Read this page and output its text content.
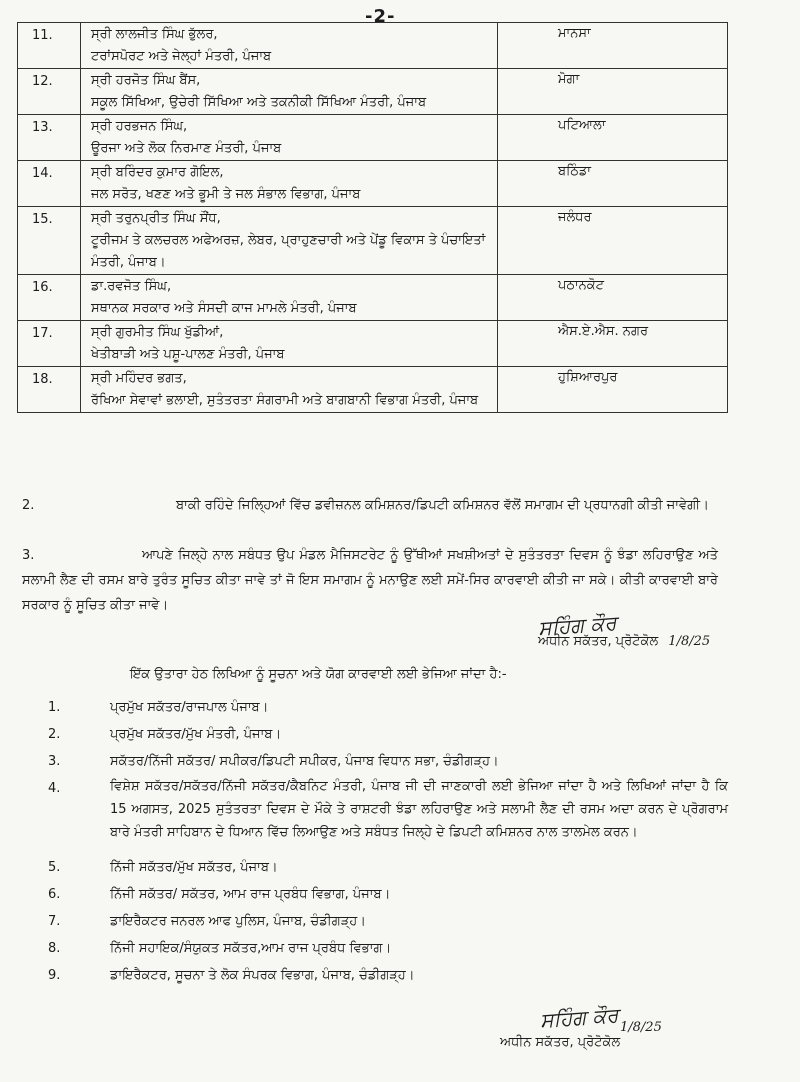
-2-
11.	ਸ੍ਰੀ ਲਾਲਜੀਤ ਸਿੰਘ ਭੁੱਲਰ,
ਟਰਾਂਸਪੋਰਟ ਅਤੇ ਜੇਲ੍ਹਾਂ ਮੰਤਰੀ, ਪੰਜਾਬ	ਮਾਨਸਾ
12.	ਸ੍ਰੀ ਹਰਜੋਤ ਸਿੰਘ ਬੈਂਸ,
ਸਕੂਲ ਸਿੱਖਿਆ, ਉਚੇਰੀ ਸਿੱਖਿਆ ਅਤੇ ਤਕਨੀਕੀ ਸਿੱਖਿਆ ਮੰਤਰੀ, ਪੰਜਾਬ	ਮੋਗਾ
13.	ਸ੍ਰੀ ਹਰਭਜਨ ਸਿੰਘ,
ਊਰਜਾ ਅਤੇ ਲੋਕ ਨਿਰਮਾਣ ਮੰਤਰੀ, ਪੰਜਾਬ	ਪਟਿਆਲਾ
14.	ਸ੍ਰੀ ਬਰਿੰਦਰ ਕੁਮਾਰ ਗੋਇਲ,
ਜਲ ਸਰੋਤ, ਖਣਣ ਅਤੇ ਭੂਮੀ ਤੇ ਜਲ ਸੰਭਾਲ ਵਿਭਾਗ, ਪੰਜਾਬ	ਬਠਿੰਡਾ
15.	ਸ੍ਰੀ ਤਰੁਨਪ੍ਰੀਤ ਸਿੰਘ ਸੌਂਧ,
ਟੂਰੀਜਮ ਤੇ ਕਲਚਰਲ ਅਫੇਅਰਜ਼, ਲੇਬਰ, ਪ੍ਰਾਹੁਣਚਾਰੀ ਅਤੇ ਪੇਂਡੂ ਵਿਕਾਸ ਤੇ ਪੰਚਾਇਤਾਂ ਮੰਤਰੀ, ਪੰਜਾਬ।	ਜਲੰਧਰ
16.	ਡਾ.ਰਵਜੋਤ ਸਿੰਘ,
ਸਥਾਨਕ ਸਰਕਾਰ ਅਤੇ ਸੰਸਦੀ ਕਾਜ ਮਾਮਲੇ ਮੰਤਰੀ, ਪੰਜਾਬ	ਪਠਾਨਕੋਟ
17.	ਸ੍ਰੀ ਗੁਰਮੀਤ ਸਿੰਘ ਖੁੱਡੀਆਂ,
ਖੇਤੀਬਾੜੀ ਅਤੇ ਪਸ਼ੂ-ਪਾਲਣ ਮੰਤਰੀ, ਪੰਜਾਬ	ਐਸ.ਏ.ਐਸ. ਨਗਰ
18.	ਸ੍ਰੀ ਮਹਿੰਦਰ ਭਗਤ,
ਰੱਖਿਆ ਸੇਵਾਵਾਂ ਭਲਾਈ, ਸੁਤੰਤਰਤਾ ਸੰਗਰਾਮੀ ਅਤੇ ਬਾਗਬਾਨੀ ਵਿਭਾਗ ਮੰਤਰੀ, ਪੰਜਾਬ	ਹੁਸ਼ਿਆਰਪੁਰ
2.	ਬਾਕੀ ਰਹਿੰਦੇ ਜਿਲ੍ਹਿਆਂ ਵਿੱਚ ਡਵੀਜ਼ਨਲ ਕਮਿਸ਼ਨਰ/ਡਿਪਟੀ ਕਮਿਸ਼ਨਰ ਵੱਲੋਂ ਸਮਾਗਮ ਦੀ ਪ੍ਰਧਾਨਗੀ ਕੀਤੀ ਜਾਵੇਗੀ।
3.	ਆਪਣੇ ਜਿਲ੍ਹੇ ਨਾਲ ਸਬੰਧਤ ਉਪ ਮੰਡਲ ਮੈਜਿਸਟਰੇਟ ਨੂੰ ਉੱਥੀਆਂ ਸਖਸ਼ੀਅਤਾਂ ਦੇ ਸੁਤੰਤਰਤਾ ਦਿਵਸ ਨੂੰ ਝੰਡਾ ਲਹਿਰਾਉਣ ਅਤੇ ਸਲਾਮੀ ਲੈਣ ਦੀ ਰਸਮ ਬਾਰੇ ਤੁਰੰਤ ਸੂਚਿਤ ਕੀਤਾ ਜਾਵੇ ਤਾਂ ਜੋ ਇਸ ਸਮਾਗਮ ਨੂੰ ਮਨਾਉਣ ਲਈ ਸਮੇਂ-ਸਿਰ ਕਾਰਵਾਈ ਕੀਤੀ ਜਾ ਸਕੇ। ਕੀਤੀ ਕਾਰਵਾਈ ਬਾਰੇ ਸਰਕਾਰ ਨੂੰ ਸੂਚਿਤ ਕੀਤਾ ਜਾਵੇ।
ਸਹਿੰਗ ਕੌਰ
ਅਧੀਨ ਸਕੱਤਰ, ਪ੍ਰੋਟੋਕੋਲ 1/8/25
ਇੱਕ ਉਤਾਰਾ ਹੇਠ ਲਿਖਿਆ ਨੂੰ ਸੂਚਨਾ ਅਤੇ ਯੋਗ ਕਾਰਵਾਈ ਲਈ ਭੇਜਿਆ ਜਾਂਦਾ ਹੈ:-
1.	ਪ੍ਰਮੁੱਖ ਸਕੱਤਰ/ਰਾਜਪਾਲ ਪੰਜਾਬ।
2.	ਪ੍ਰਮੁੱਖ ਸਕੱਤਰ/ਮੁੱਖ ਮੰਤਰੀ, ਪੰਜਾਬ।
3.	ਸਕੱਤਰ/ਨਿੱਜੀ ਸਕੱਤਰ/ ਸਪੀਕਰ/ਡਿਪਟੀ ਸਪੀਕਰ, ਪੰਜਾਬ ਵਿਧਾਨ ਸਭਾ, ਚੰਡੀਗੜ੍ਹ।
4.	ਵਿਸ਼ੇਸ਼ ਸਕੱਤਰ/ਸਕੱਤਰ/ਨਿੱਜੀ ਸਕੱਤਰ/ਕੈਬਨਿਟ ਮੰਤਰੀ, ਪੰਜਾਬ ਜੀ ਦੀ ਜਾਣਕਾਰੀ ਲਈ ਭੇਜਿਆ ਜਾਂਦਾ ਹੈ ਅਤੇ ਲਿਖਿਆਂ ਜਾਂਦਾ ਹੈ ਕਿ 15 ਅਗਸਤ, 2025 ਸੁਤੰਤਰਤਾ ਦਿਵਸ ਦੇ ਮੌਕੇ ਤੇ ਰਾਸ਼ਟਰੀ ਝੰਡਾ ਲਹਿਰਾਉਣ ਅਤੇ ਸਲਾਮੀ ਲੈਣ ਦੀ ਰਸਮ ਅਦਾ ਕਰਨ ਦੇ ਪ੍ਰੋਗਰਾਮ ਬਾਰੇ ਮੰਤਰੀ ਸਾਹਿਬਾਨ ਦੇ ਧਿਆਨ ਵਿੱਚ ਲਿਆਉਣ ਅਤੇ ਸਬੰਧਤ ਜਿਲ੍ਹੇ ਦੇ ਡਿਪਟੀ ਕਮਿਸ਼ਨਰ ਨਾਲ ਤਾਲਮੇਲ ਕਰਨ।
5.	ਨਿੱਜੀ ਸਕੱਤਰ/ਮੁੱਖ ਸਕੱਤਰ, ਪੰਜਾਬ।
6.	ਨਿੱਜੀ ਸਕੱਤਰ/ ਸਕੱਤਰ, ਆਮ ਰਾਜ ਪ੍ਰਬੰਧ ਵਿਭਾਗ, ਪੰਜਾਬ।
7.	ਡਾਇਰੈਕਟਰ ਜਨਰਲ ਆਫ ਪੁਲਿਸ, ਪੰਜਾਬ, ਚੰਡੀਗੜ੍ਹ।
8.	ਨਿੱਜੀ ਸਹਾਇਕ/ਸੰਯੁਕਤ ਸਕੱਤਰ,ਆਮ ਰਾਜ ਪ੍ਰਬੰਧ ਵਿਭਾਗ।
9.	ਡਾਇਰੈਕਟਰ, ਸੂਚਨਾ ਤੇ ਲੋਕ ਸੰਪਰਕ ਵਿਭਾਗ, ਪੰਜਾਬ, ਚੰਡੀਗੜ੍ਹ।
ਸਹਿੰਗ ਕੌਰ 1/8/25
ਅਧੀਨ ਸਕੱਤਰ, ਪ੍ਰੋਟੋਕੋਲ
